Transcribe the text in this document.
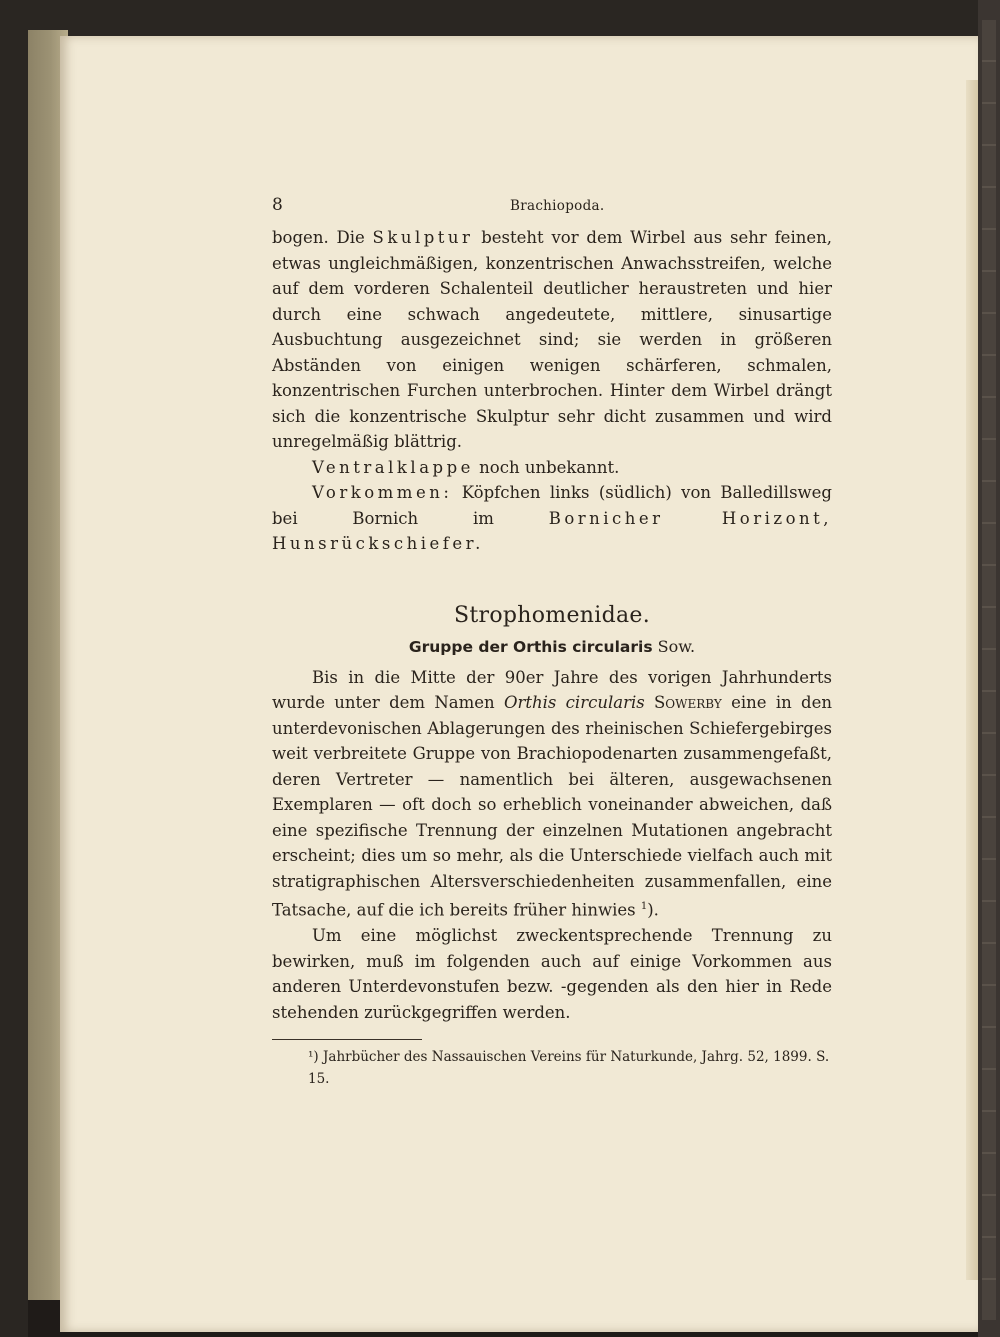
8	Brachiopoda.

bogen. Die Skulptur besteht vor dem Wirbel aus sehr feinen, etwas ungleichmäßigen, konzentrischen Anwachsstreifen, welche auf dem vorderen Schalenteil deutlicher heraustreten und hier durch eine schwach angedeutete, mittlere, sinusartige Ausbuchtung ausgezeichnet sind; sie werden in größeren Abständen von einigen wenigen schärferen, schmalen, konzentrischen Furchen unterbrochen. Hinter dem Wirbel drängt sich die konzentrische Skulptur sehr dicht zusammen und wird unregelmäßig blättrig.

Ventralklappe noch unbekannt.

Vorkommen: Köpfchen links (südlich) von Balledillsweg bei Bornich im Bornicher Horizont, Hunsrückschiefer.

Strophomenidae.
Gruppe der Orthis circularis Sow.

Bis in die Mitte der 90er Jahre des vorigen Jahrhunderts wurde unter dem Namen Orthis circularis Sowerby eine in den unterdevonischen Ablagerungen des rheinischen Schiefergebirges weit verbreitete Gruppe von Brachiopodenarten zusammengefaßt, deren Vertreter — namentlich bei älteren, ausgewachsenen Exemplaren — oft doch so erheblich voneinander abweichen, daß eine spezifische Trennung der einzelnen Mutationen angebracht erscheint; dies um so mehr, als die Unterschiede vielfach auch mit stratigraphischen Altersverschiedenheiten zusammenfallen, eine Tatsache, auf die ich bereits früher hinwies $^1$).

Um eine möglichst zweckentsprechende Trennung zu bewirken, muß im folgenden auch auf einige Vorkommen aus anderen Unterdevonstufen bezw. -gegenden als den hier in Rede stehenden zurückgegriffen werden.

¹) Jahrbücher des Nassauischen Vereins für Naturkunde, Jahrg. 52, 1899. S. 15.
